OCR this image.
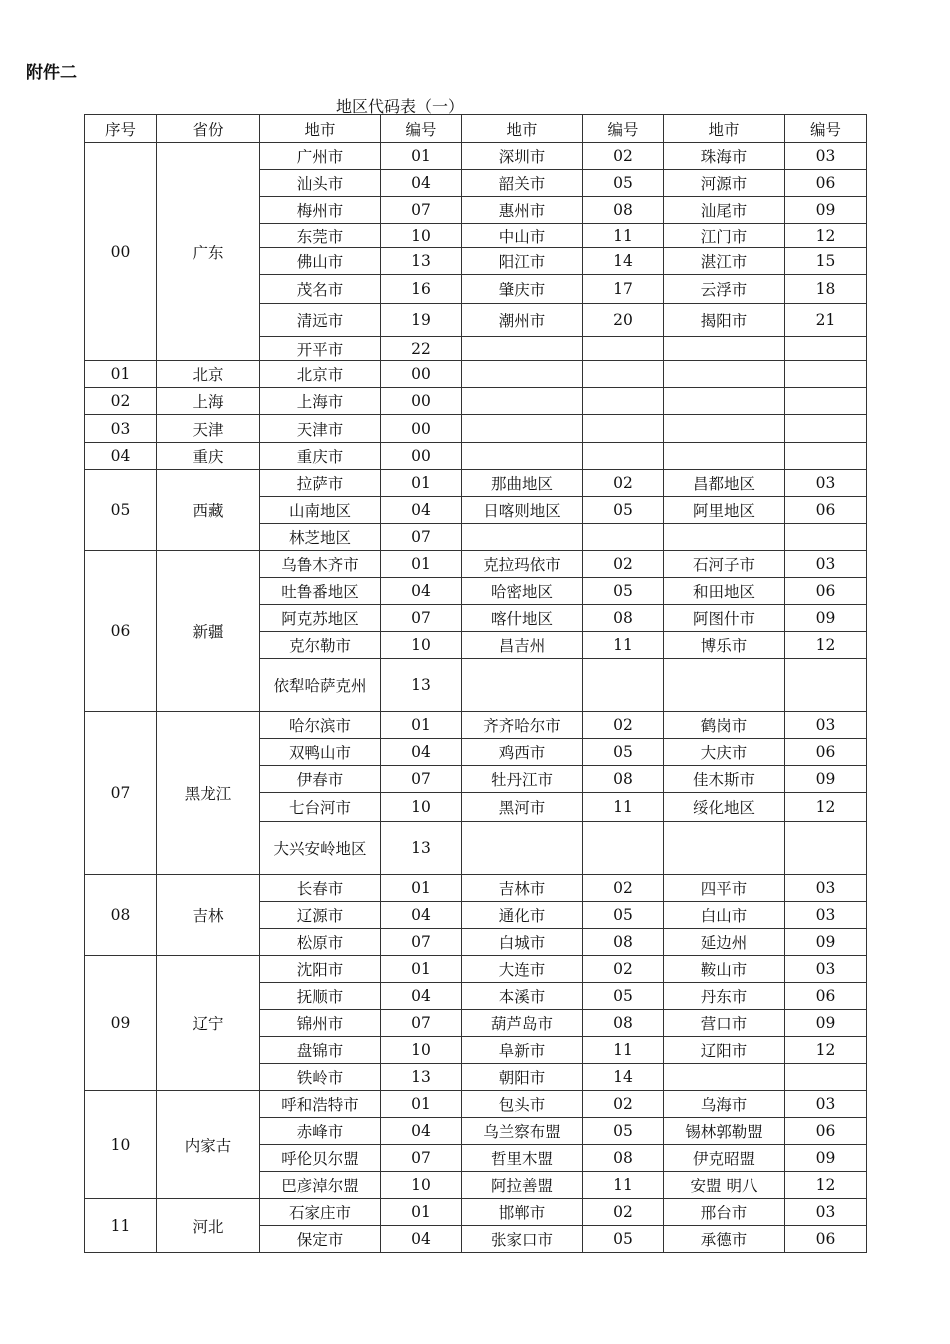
附件二
地区代码表（一）
序号	省份	地市	编号	地市	编号	地市	编号
00	广东	广州市	01	深圳市	02	珠海市	03
		汕头市	04	韶关市	05	河源市	06
		梅州市	07	惠州市	08	汕尾市	09
		东莞市	10	中山市	11	江门市	12
		佛山市	13	阳江市	14	湛江市	15
		茂名市	16	肇庆市	17	云浮市	18
		清远市	19	潮州市	20	揭阳市	21
		开平市	22				
01	北京	北京市	00				
02	上海	上海市	00				
03	天津	天津市	00				
04	重庆	重庆市	00				
05	西藏	拉萨市	01	那曲地区	02	昌都地区	03
		山南地区	04	日喀则地区	05	阿里地区	06
		林芝地区	07				
06	新疆	乌鲁木齐市	01	克拉玛依市	02	石河子市	03
		吐鲁番地区	04	哈密地区	05	和田地区	06
		阿克苏地区	07	喀什地区	08	阿图什市	09
		克尔勒市	10	昌吉州	11	博乐市	12
		依犁哈萨克州	13				
07	黑龙江	哈尔滨市	01	齐齐哈尔市	02	鹤岗市	03
		双鸭山市	04	鸡西市	05	大庆市	06
		伊春市	07	牡丹江市	08	佳木斯市	09
		七台河市	10	黑河市	11	绥化地区	12
		大兴安岭地区	13				
08	吉林	长春市	01	吉林市	02	四平市	03
		辽源市	04	通化市	05	白山市	03
		松原市	07	白城市	08	延边州	09
09	辽宁	沈阳市	01	大连市	02	鞍山市	03
		抚顺市	04	本溪市	05	丹东市	06
		锦州市	07	葫芦岛市	08	营口市	09
		盘锦市	10	阜新市	11	辽阳市	12
		铁岭市	13	朝阳市	14		
10	内家古	呼和浩特市	01	包头市	02	乌海市	03
		赤峰市	04	乌兰察布盟	05	锡林郭勒盟	06
		呼伦贝尔盟	07	哲里木盟	08	伊克昭盟	09
		巴彦淖尔盟	10	阿拉善盟	11	安盟 明八	12
11	河北	石家庄市	01	邯郸市	02	邢台市	03
		保定市	04	张家口市	05	承德市	06
